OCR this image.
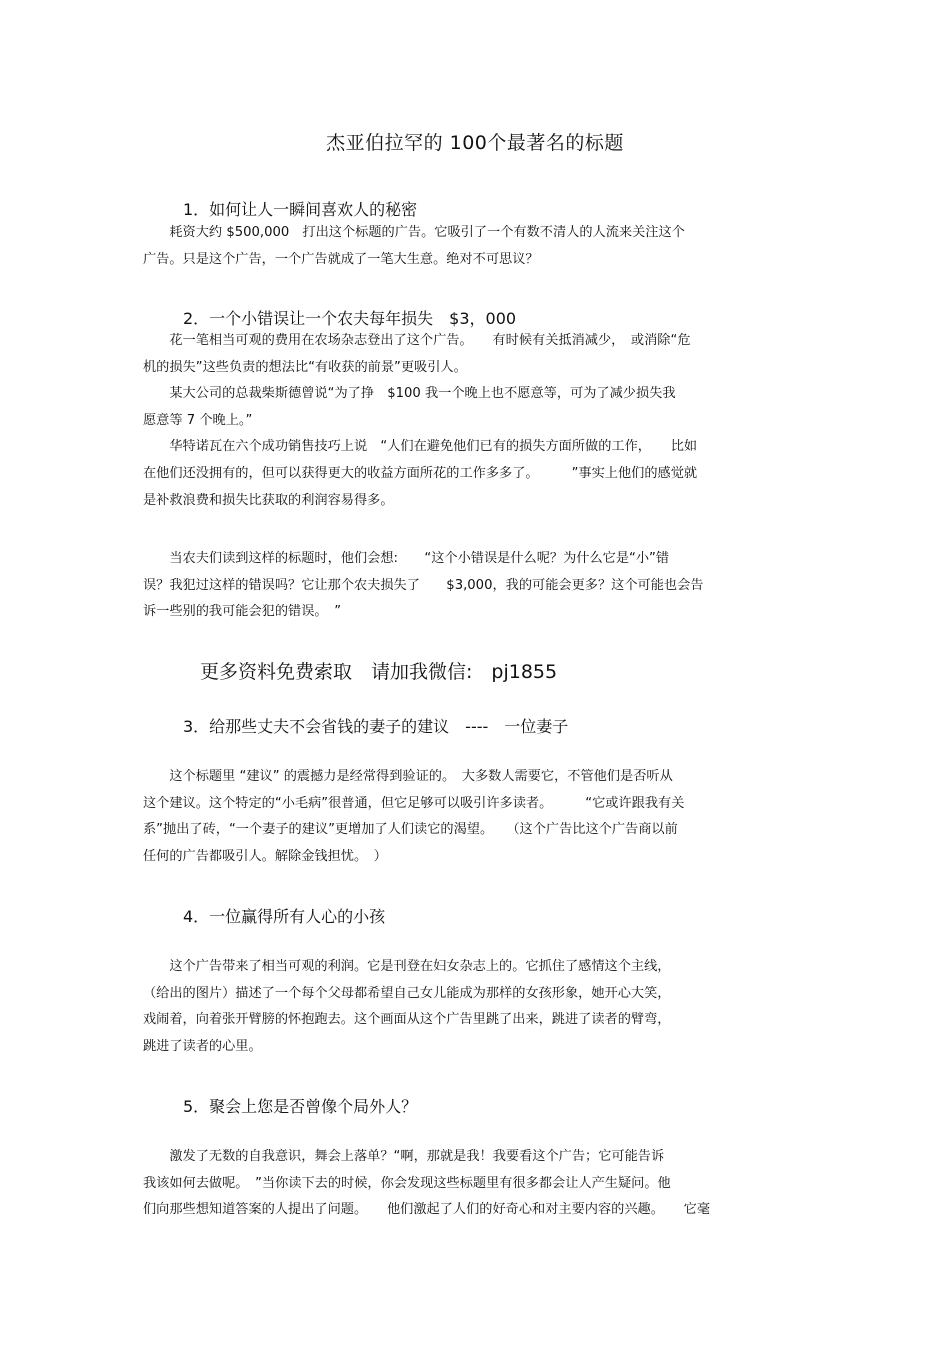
杰亚伯拉罕的 100个最著名的标题
1．如何让人一瞬间喜欢人的秘密
　　耗资大约 $500,000　打出这个标题的广告。它吸引了一个有数不清人的人流来关注这个
广告。只是这个广告，一个广告就成了一笔大生意。绝对不可思议？
2．一个小错误让一个农夫每年损失　$3，000
　　花一笔相当可观的费用在农场杂志登出了这个广告。　　有时候有关抵消减少，　或消除“危
机的损失”这些负责的想法比“有收获的前景”更吸引人。
　　某大公司的总裁柴斯德曾说“为了挣　$100 我一个晚上也不愿意等，可为了减少损失我
愿意等 7 个晚上。”
　　华特诺瓦在六个成功销售技巧上说　“人们在避免他们已有的损失方面所做的工作，　　比如
在他们还没拥有的，但可以获得更大的收益方面所花的工作多多了。　　　”事实上他们的感觉就
是补救浪费和损失比获取的利润容易得多。
　　当农夫们读到这样的标题时，他们会想:　　“这个小错误是什么呢？为什么它是“小”错
误？我犯过这样的错误吗？它让那个农夫损失了　　$3,000，我的可能会更多？这个可能也会告
诉一些别的我可能会犯的错误。　”
更多资料免费索取　请加我微信:　pj1855
3．给那些丈夫不会省钱的妻子的建议　----　一位妻子
　　这个标题里 “建议” 的震撼力是经常得到验证的。　大多数人需要它，不管他们是否听从
这个建议。这个特定的“小毛病”很普通，但它足够可以吸引许多读者。　　　“它或许跟我有关
系”抛出了砖，“一个妻子的建议”更增加了人们读它的渴望。　　（这个广告比这个广告商以前
任何的广告都吸引人。解除金钱担忧。　）
4．一位赢得所有人心的小孩
　　这个广告带来了相当可观的利润。它是刊登在妇女杂志上的。它抓住了感情这个主线，
（给出的图片）描述了一个每个父母都希望自己女儿能成为那样的女孩形象，她开心大笑，
戏闹着，向着张开臂膀的怀抱跑去。这个画面从这个广告里跳了出来，跳进了读者的臂弯，
跳进了读者的心里。
5．聚会上您是否曾像个局外人？
　　激发了无数的自我意识，舞会上落单？“啊，那就是我！我要看这个广告；它可能告诉
我该如何去做呢。　”当你读下去的时候，你会发现这些标题里有很多都会让人产生疑问。他
们向那些想知道答案的人提出了问题。　　他们激起了人们的好奇心和对主要内容的兴趣。　　它毫
